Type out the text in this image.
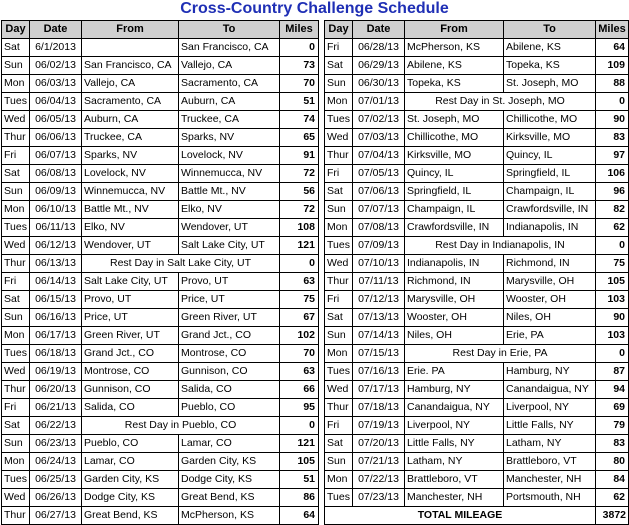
Cross-Country Challenge Schedule
Day	Date	From	To	Miles
Sat	6/1/2013		San Francisco, CA	0
Sun	06/02/13	San Francisco, CA	Vallejo, CA	73
Mon	06/03/13	Vallejo, CA	Sacramento, CA	70
Tues	06/04/13	Sacramento, CA	Auburn, CA	51
Wed	06/05/13	Auburn, CA	Truckee, CA	74
Thur	06/06/13	Truckee, CA	Sparks, NV	65
Fri	06/07/13	Sparks, NV	Lovelock, NV	91
Sat	06/08/13	Lovelock, NV	Winnemucca, NV	72
Sun	06/09/13	Winnemucca, NV	Battle Mt., NV	56
Mon	06/10/13	Battle Mt., NV	Elko, NV	72
Tues	06/11/13	Elko, NV	Wendover, UT	108
Wed	06/12/13	Wendover, UT	Salt Lake City, UT	121
Thur	06/13/13	Rest Day in Salt Lake City, UT		0
Fri	06/14/13	Salt Lake City, UT	Provo, UT	63
Sat	06/15/13	Provo, UT	Price, UT	75
Sun	06/16/13	Price, UT	Green River, UT	67
Mon	06/17/13	Green River, UT	Grand Jct., CO	102
Tues	06/18/13	Grand Jct., CO	Montrose, CO	70
Wed	06/19/13	Montrose, CO	Gunnison, CO	63
Thur	06/20/13	Gunnison, CO	Salida, CO	66
Fri	06/21/13	Salida, CO	Pueblo, CO	95
Sat	06/22/13	Rest Day in Pueblo, CO		0
Sun	06/23/13	Pueblo, CO	Lamar, CO	121
Mon	06/24/13	Lamar, CO	Garden City, KS	105
Tues	06/25/13	Garden City, KS	Dodge City, KS	51
Wed	06/26/13	Dodge City, KS	Great Bend, KS	86
Thur	06/27/13	Great Bend, KS	McPherson, KS	64
Day	Date	From	To	Miles
Fri	06/28/13	McPherson, KS	Abilene, KS	64
Sat	06/29/13	Abilene, KS	Topeka, KS	109
Sun	06/30/13	Topeka, KS	St. Joseph, MO	88
Mon	07/01/13	Rest Day in St. Joseph, MO		0
Tues	07/02/13	St. Joseph, MO	Chillicothe, MO	90
Wed	07/03/13	Chillicothe, MO	Kirksville, MO	83
Thur	07/04/13	Kirksville, MO	Quincy, IL	97
Fri	07/05/13	Quincy, IL	Springfield, IL	106
Sat	07/06/13	Springfield, IL	Champaign, IL	96
Sun	07/07/13	Champaign, IL	Crawfordsville, IN	82
Mon	07/08/13	Crawfordsville, IN	Indianapolis, IN	62
Tues	07/09/13	Rest Day in Indianapolis, IN		0
Wed	07/10/13	Indianapolis, IN	Richmond, IN	75
Thur	07/11/13	Richmond, IN	Marysville, OH	105
Fri	07/12/13	Marysville, OH	Wooster, OH	103
Sat	07/13/13	Wooster, OH	Niles, OH	90
Sun	07/14/13	Niles, OH	Erie, PA	103
Mon	07/15/13	Rest Day in Erie, PA		0
Tues	07/16/13	Erie. PA	Hamburg, NY	87
Wed	07/17/13	Hamburg, NY	Canandaigua, NY	94
Thur	07/18/13	Canandaigua, NY	Liverpool, NY	69
Fri	07/19/13	Liverpool, NY	Little Falls, NY	79
Sat	07/20/13	Little Falls, NY	Latham, NY	83
Sun	07/21/13	Latham, NY	Brattleboro, VT	80
Mon	07/22/13	Brattleboro, VT	Manchester, NH	84
Tues	07/23/13	Manchester, NH	Portsmouth, NH	62
TOTAL MILEAGE				3872
